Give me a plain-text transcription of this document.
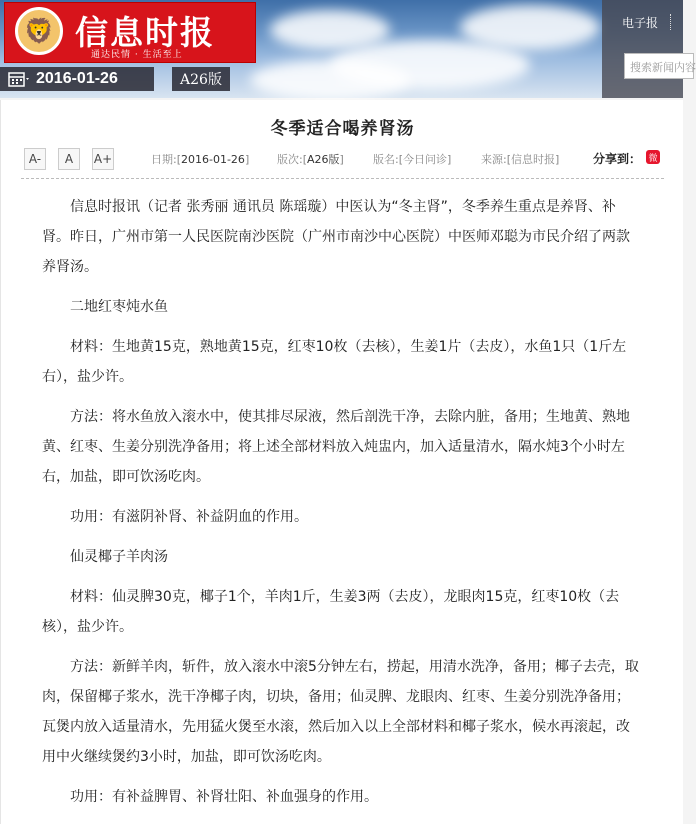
🦁 信息时报
通达民情 · 生活至上
2016-01-26	A26版
电子报
搜索新闻内容
冬季适合喝养肾汤
A- A A+	日期:[2016-01-26]	版次:[A26版]	版名:[今日问诊]	来源:[信息时报]	分享到： 微

信息时报讯（记者 张秀丽 通讯员 陈瑶璇）中医认为“冬主肾”，冬季养生重点是养肾、补肾。昨日，广州市第一人民医院南沙医院（广州市南沙中心医院）中医师邓聪为市民介绍了两款养肾汤。

二地红枣炖水鱼

材料：生地黄15克，熟地黄15克，红枣10枚（去核），生姜1片（去皮），水鱼1只（1斤左右），盐少许。

方法：将水鱼放入滚水中，使其排尽尿液，然后剖洗干净，去除内脏，备用；生地黄、熟地黄、红枣、生姜分别洗净备用；将上述全部材料放入炖盅内，加入适量清水，隔水炖3个小时左右，加盐，即可饮汤吃肉。

功用：有滋阴补肾、补益阴血的作用。

仙灵椰子羊肉汤

材料：仙灵脾30克，椰子1个，羊肉1斤，生姜3两（去皮），龙眼肉15克，红枣10枚（去核），盐少许。

方法：新鲜羊肉，斩件，放入滚水中滚5分钟左右，捞起，用清水洗净，备用；椰子去壳，取肉，保留椰子浆水，洗干净椰子肉，切块，备用；仙灵脾、龙眼肉、红枣、生姜分别洗净备用；瓦煲内放入适量清水，先用猛火煲至水滚，然后加入以上全部材料和椰子浆水，候水再滚起，改用中火继续煲约3小时，加盐，即可饮汤吃肉。

功用：有补益脾胃、补肾壮阳、补血强身的作用。
